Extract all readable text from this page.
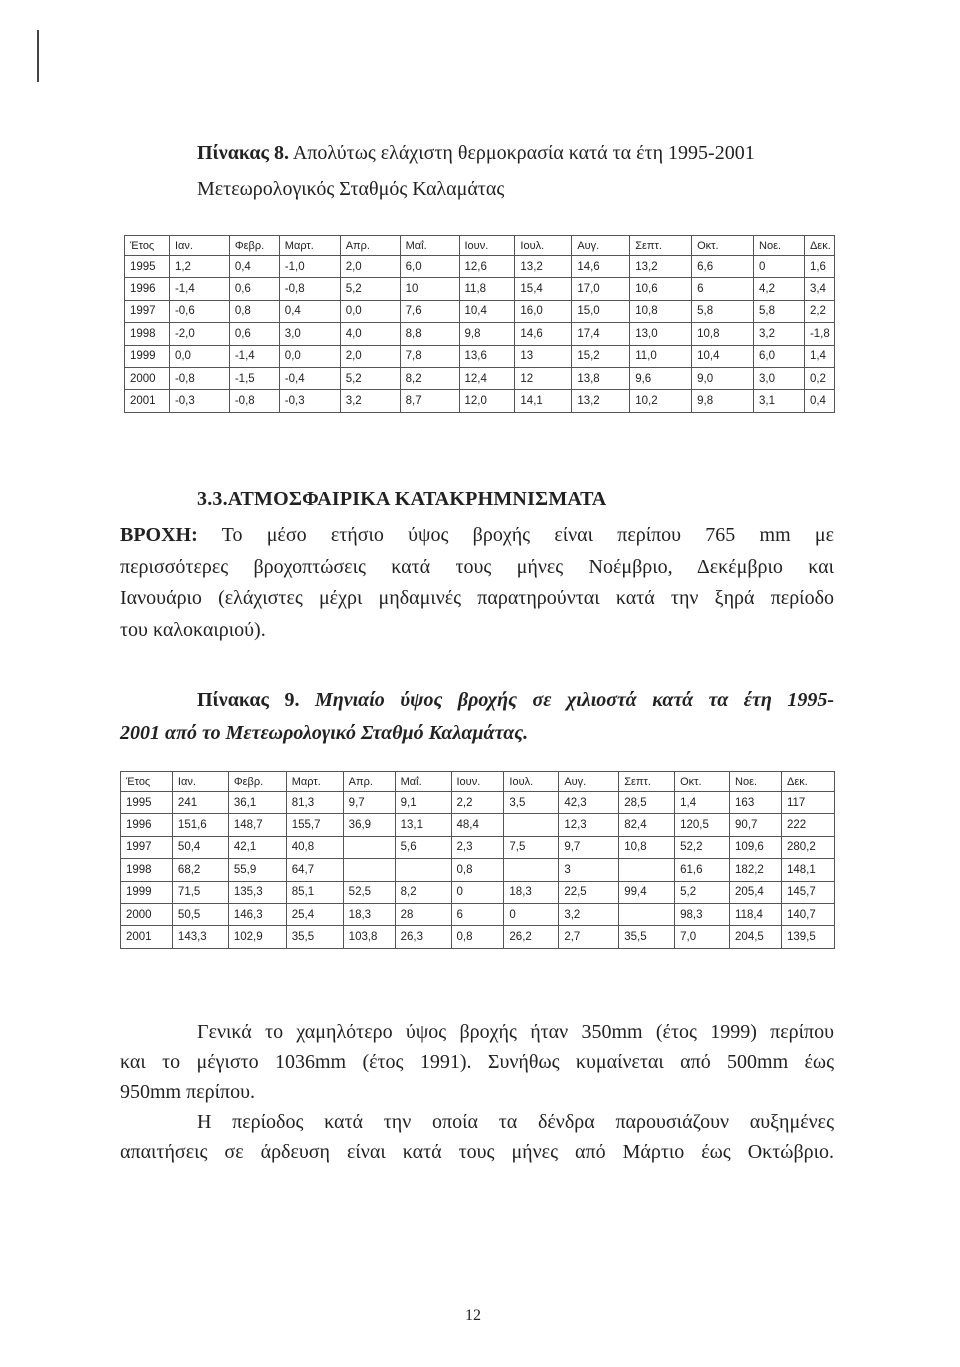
Πίνακας 8. Απολύτως ελάχιστη θερμοκρασία κατά τα έτη 1995-2001
Μετεωρολογικός Σταθμός Καλαμάτας
Έτος	Ιαν.	Φεβρ.	Μαρτ.	Απρ.	Μαΐ.	Ιουν.	Ιουλ.	Αυγ.	Σεπτ.	Οκτ.	Νοε.	Δεκ.
1995	1,2	0,4	-1,0	2,0	6,0	12,6	13,2	14,6	13,2	6,6	0	1,6
1996	-1,4	0,6	-0,8	5,2	10	11,8	15,4	17,0	10,6	6	4,2	3,4
1997	-0,6	0,8	0,4	0,0	7,6	10,4	16,0	15,0	10,8	5,8	5,8	2,2
1998	-2,0	0,6	3,0	4,0	8,8	9,8	14,6	17,4	13,0	10,8	3,2	-1,8
1999	0,0	-1,4	0,0	2,0	7,8	13,6	13	15,2	11,0	10,4	6,0	1,4
2000	-0,8	-1,5	-0,4	5,2	8,2	12,4	12	13,8	9,6	9,0	3,0	0,2
2001	-0,3	-0,8	-0,3	3,2	8,7	12,0	14,1	13,2	10,2	9,8	3,1	0,4
3.3.ΑΤΜΟΣΦΑΙΡΙΚΑ ΚΑΤΑΚΡΗΜΝΙΣΜΑΤΑ
ΒΡΟΧΗ: Το μέσο ετήσιο ύψος βροχής είναι περίπου 765 mm με
περισσότερες βροχοπτώσεις κατά τους μήνες Νοέμβριο, Δεκέμβριο και
Ιανουάριο (ελάχιστες μέχρι μηδαμινές παρατηρούνται κατά την ξηρά περίοδο
του καλοκαιριού).
Πίνακας 9. Μηνιαίο ύψος βροχής σε χιλιοστά κατά τα έτη 1995-
2001 από το Μετεωρολογικό Σταθμό Καλαμάτας.
Έτος	Ιαν.	Φεβρ.	Μαρτ.	Απρ.	Μαΐ.	Ιουν.	Ιουλ.	Αυγ.	Σεπτ.	Οκτ.	Νοε.	Δεκ.
1995	241	36,1	81,3	9,7	9,1	2,2	3,5	42,3	28,5	1,4	163	117
1996	151,6	148,7	155,7	36,9	13,1	48,4		12,3	82,4	120,5	90,7	222
1997	50,4	42,1	40,8		5,6	2,3	7,5	9,7	10,8	52,2	109,6	280,2
1998	68,2	55,9	64,7			0,8		3		61,6	182,2	148,1
1999	71,5	135,3	85,1	52,5	8,2	0	18,3	22,5	99,4	5,2	205,4	145,7
2000	50,5	146,3	25,4	18,3	28	6	0	3,2		98,3	118,4	140,7
2001	143,3	102,9	35,5	103,8	26,3	0,8	26,2	2,7	35,5	7,0	204,5	139,5
Γενικά το χαμηλότερο ύψος βροχής ήταν 350mm (έτος 1999) περίπου
και το μέγιστο 1036mm (έτος 1991). Συνήθως κυμαίνεται από 500mm έως
950mm περίπου.
Η περίοδος κατά την οποία τα δένδρα παρουσιάζουν αυξημένες
απαιτήσεις σε άρδευση είναι κατά τους μήνες από Μάρτιο έως Οκτώβριο.
12
